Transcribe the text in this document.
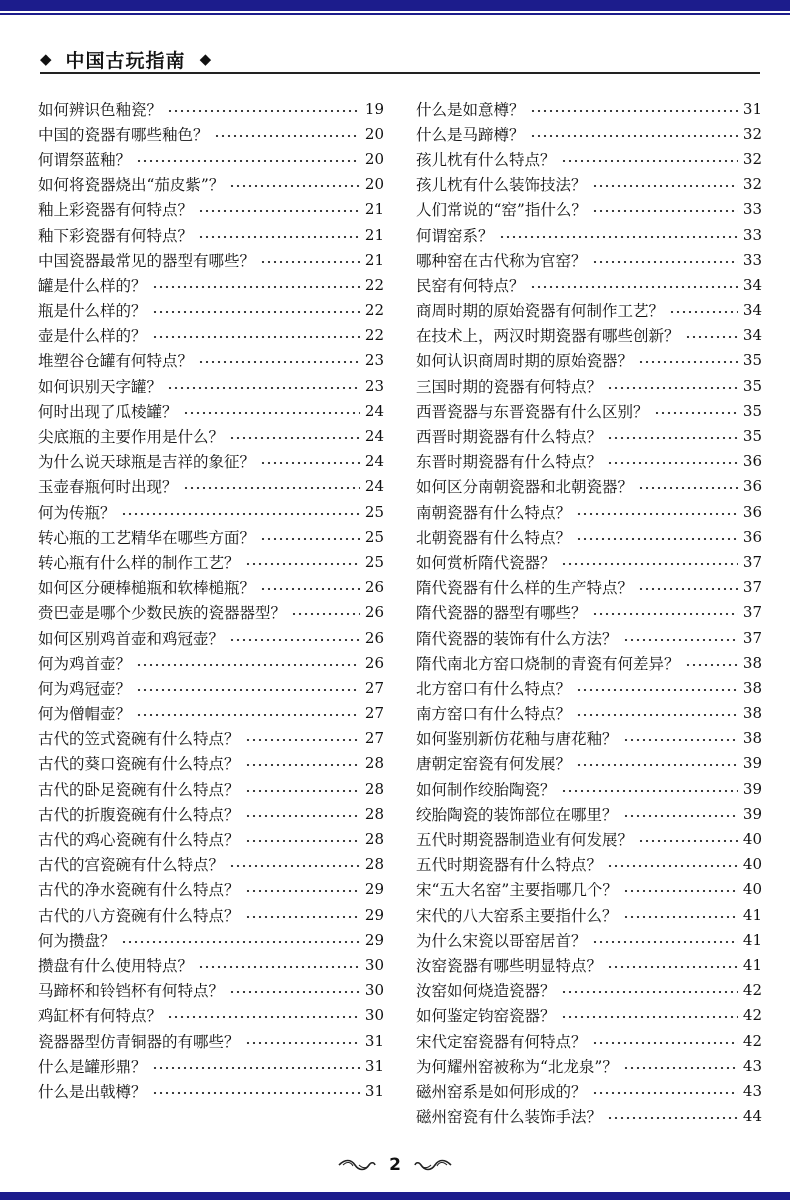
◆ 中国古玩指南 ◆
如何辨识色釉瓷？	19
中国的瓷器有哪些釉色？	20
何谓祭蓝釉？	20
如何将瓷器烧出“茄皮紫”？	20
釉上彩瓷器有何特点？	21
釉下彩瓷器有何特点？	21
中国瓷器最常见的器型有哪些？	21
罐是什么样的？	22
瓶是什么样的？	22
壶是什么样的？	22
堆塑谷仓罐有何特点？	23
如何识别天字罐？	23
何时出现了瓜棱罐？	24
尖底瓶的主要作用是什么？	24
为什么说天球瓶是吉祥的象征？	24
玉壶春瓶何时出现？	24
何为传瓶？	25
转心瓶的工艺精华在哪些方面？	25
转心瓶有什么样的制作工艺？	25
如何区分硬棒槌瓶和软棒槌瓶？	26
赍巴壶是哪个少数民族的瓷器器型？	26
如何区别鸡首壶和鸡冠壶？	26
何为鸡首壶？	26
何为鸡冠壶？	27
何为僧帽壶？	27
古代的笠式瓷碗有什么特点？	27
古代的葵口瓷碗有什么特点？	28
古代的卧足瓷碗有什么特点？	28
古代的折腹瓷碗有什么特点？	28
古代的鸡心瓷碗有什么特点？	28
古代的宫瓷碗有什么特点？	28
古代的净水瓷碗有什么特点？	29
古代的八方瓷碗有什么特点？	29
何为攒盘？	29
攒盘有什么使用特点？	30
马蹄杯和铃铛杯有何特点？	30
鸡缸杯有何特点？	30
瓷器器型仿青铜器的有哪些？	31
什么是罐形鼎？	31
什么是出戟樽？	31
什么是如意樽？	31
什么是马蹄樽？	32
孩儿枕有什么特点？	32
孩儿枕有什么装饰技法？	32
人们常说的“窑”指什么？	33
何谓窑系？	33
哪种窑在古代称为官窑？	33
民窑有何特点？	34
商周时期的原始瓷器有何制作工艺？	34
在技术上，两汉时期瓷器有哪些创新？	34
如何认识商周时期的原始瓷器？	35
三国时期的瓷器有何特点？	35
西晋瓷器与东晋瓷器有什么区别？	35
西晋时期瓷器有什么特点？	35
东晋时期瓷器有什么特点？	36
如何区分南朝瓷器和北朝瓷器？	36
南朝瓷器有什么特点？	36
北朝瓷器有什么特点？	36
如何赏析隋代瓷器？	37
隋代瓷器有什么样的生产特点？	37
隋代瓷器的器型有哪些？	37
隋代瓷器的装饰有什么方法？	37
隋代南北方窑口烧制的青瓷有何差异？	38
北方窑口有什么特点？	38
南方窑口有什么特点？	38
如何鉴别新仿花釉与唐花釉？	38
唐朝定窑瓷有何发展？	39
如何制作绞胎陶瓷？	39
绞胎陶瓷的装饰部位在哪里？	39
五代时期瓷器制造业有何发展？	40
五代时期瓷器有什么特点？	40
宋“五大名窑”主要指哪几个？	40
宋代的八大窑系主要指什么？	41
为什么宋瓷以哥窑居首？	41
汝窑瓷器有哪些明显特点？	41
汝窑如何烧造瓷器？	42
如何鉴定钧窑瓷器？	42
宋代定窑瓷器有何特点？	42
为何耀州窑被称为“北龙泉”？	43
磁州窑系是如何形成的？	43
磁州窑瓷有什么装饰手法？	44
2
